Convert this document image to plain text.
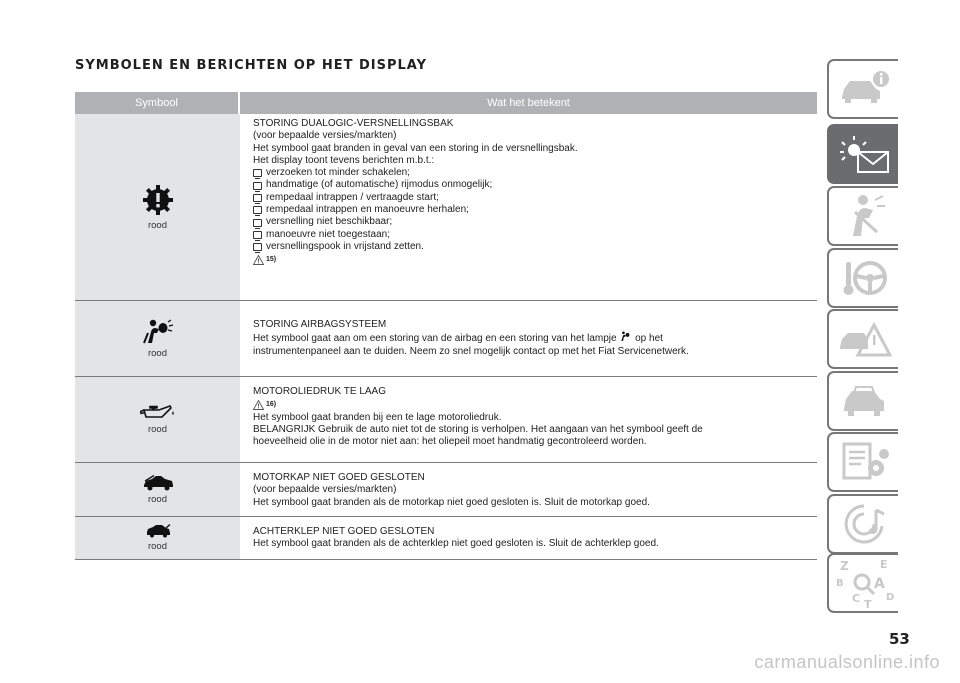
SYMBOLEN EN BERICHTEN OP HET DISPLAY
Symbool	Wat het betekent
rood

STORING DUALOGIC-VERSNELLINGSBAK

(voor bepaalde versies/markten)

Het symbool gaat branden in geval van een storing in de versnellingsbak.

Het display toont tevens berichten m.b.t.:

verzoeken tot minder schakelen;
handmatige (of automatische) rijmodus onmogelijk;
rempedaal intrappen / vertraagde start;
rempedaal intrappen en manoeuvre herhalen;
versnelling niet beschikbaar;
manoeuvre niet toegestaan;
versnellingspook in vrijstand zetten.
15)
rood

STORING AIRBAGSYSTEEM

Het symbool gaat aan om een storing van de airbag en een storing van het lampje op het

instrumentenpaneel aan te duiden. Neem zo snel mogelijk contact op met het Fiat Servicenetwerk.

rood

MOTOROLIEDRUK TE LAAG

16)

Het symbool gaat branden bij een te lage motoroliedruk.

BELANGRIJK Gebruik de auto niet tot de storing is verholpen. Het aangaan van het symbool geeft de

hoeveelheid olie in de motor niet aan: het oliepeil moet handmatig gecontroleerd worden.

rood

MOTORKAP NIET GOED GESLOTEN

(voor bepaalde versies/markten)

Het symbool gaat branden als de motorkap niet goed gesloten is. Sluit de motorkap goed.

rood

ACHTERKLEP NIET GOED GESLOTEN

Het symbool gaat branden als de achterklep niet goed gesloten is. Sluit de achterklep goed.

Z	E
B A
C T
D
53
carmanualsonline.info
